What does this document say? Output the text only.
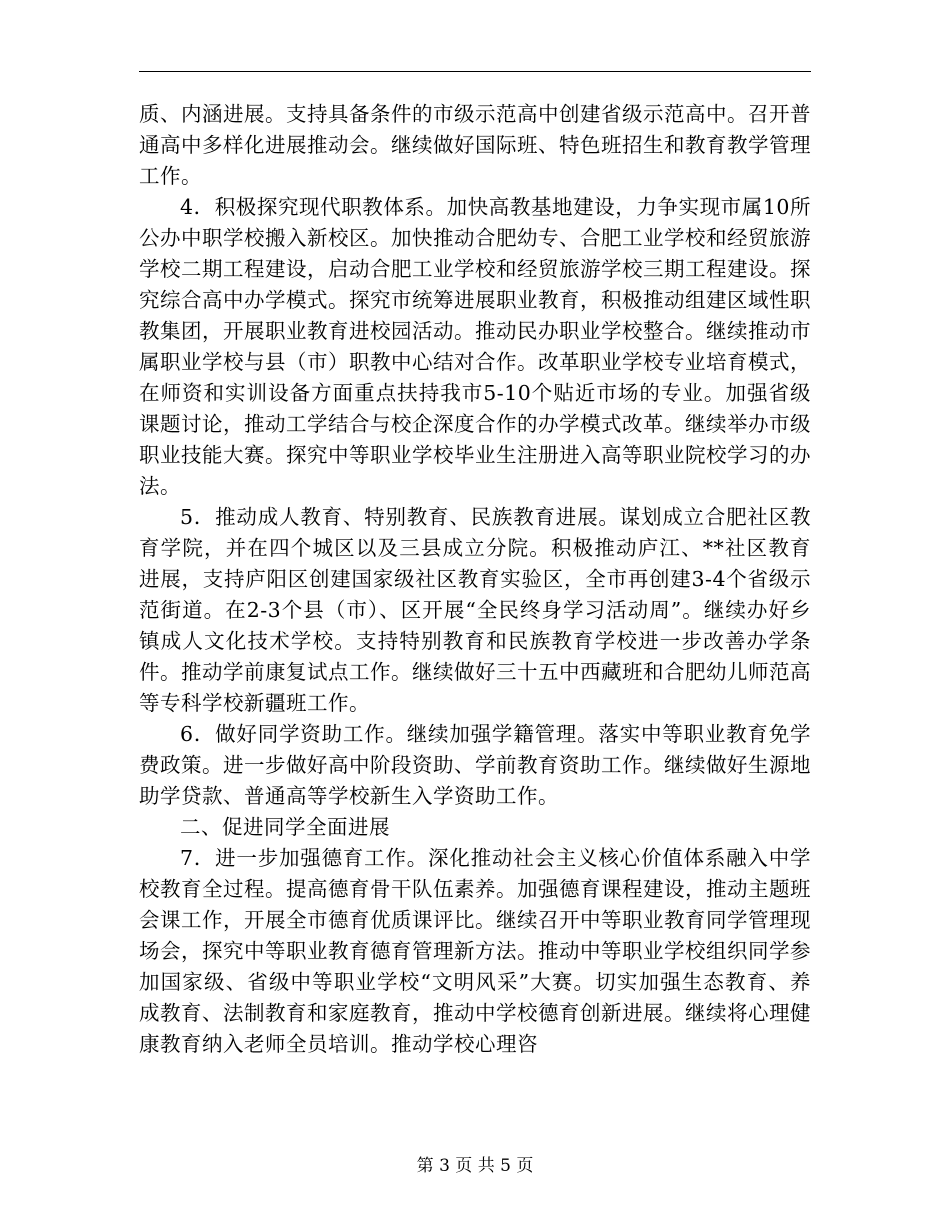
质、内涵进展。支持具备条件的市级示范高中创建省级示范高中。召开普通高中多样化进展推动会。继续做好国际班、特色班招生和教育教学管理工作。

4．积极探究现代职教体系。加快高教基地建设，力争实现市属10所公办中职学校搬入新校区。加快推动合肥幼专、合肥工业学校和经贸旅游学校二期工程建设，启动合肥工业学校和经贸旅游学校三期工程建设。探究综合高中办学模式。探究市统筹进展职业教育，积极推动组建区域性职教集团，开展职业教育进校园活动。推动民办职业学校整合。继续推动市属职业学校与县（市）职教中心结对合作。改革职业学校专业培育模式，在师资和实训设备方面重点扶持我市5-10个贴近市场的专业。加强省级课题讨论，推动工学结合与校企深度合作的办学模式改革。继续举办市级职业技能大赛。探究中等职业学校毕业生注册进入高等职业院校学习的办法。

5．推动成人教育、特别教育、民族教育进展。谋划成立合肥社区教育学院，并在四个城区以及三县成立分院。积极推动庐江、**社区教育进展，支持庐阳区创建国家级社区教育实验区，全市再创建3-4个省级示范街道。在2-3个县（市）、区开展“全民终身学习活动周”。继续办好乡镇成人文化技术学校。支持特别教育和民族教育学校进一步改善办学条件。推动学前康复试点工作。继续做好三十五中西藏班和合肥幼儿师范高等专科学校新疆班工作。

6．做好同学资助工作。继续加强学籍管理。落实中等职业教育免学费政策。进一步做好高中阶段资助、学前教育资助工作。继续做好生源地助学贷款、普通高等学校新生入学资助工作。

二、促进同学全面进展

7．进一步加强德育工作。深化推动社会主义核心价值体系融入中学校教育全过程。提高德育骨干队伍素养。加强德育课程建设，推动主题班会课工作，开展全市德育优质课评比。继续召开中等职业教育同学管理现场会，探究中等职业教育德育管理新方法。推动中等职业学校组织同学参加国家级、省级中等职业学校“文明风采”大赛。切实加强生态教育、养成教育、法制教育和家庭教育，推动中学校德育创新进展。继续将心理健康教育纳入老师全员培训。推动学校心理咨

第 3 页 共 5 页
